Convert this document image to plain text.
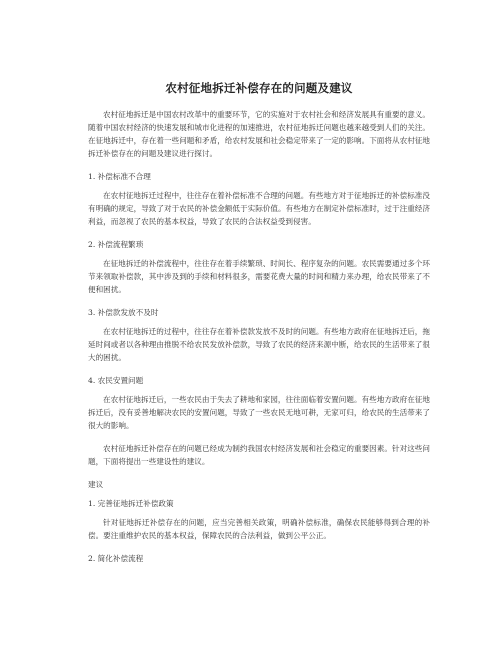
农村征地拆迁补偿存在的问题及建议

农村征地拆迁是中国农村改革中的重要环节，它的实施对于农村社会和经济发展具有重要的意义。随着中国农村经济的快速发展和城市化进程的加速推进，农村征地拆迁问题也越来越受到人们的关注。在征地拆迁中，存在着一些问题和矛盾，给农村发展和社会稳定带来了一定的影响。下面将从农村征地拆迁补偿存在的问题及建议进行探讨。

1. 补偿标准不合理

在农村征地拆迁过程中，往往存在着补偿标准不合理的问题。有些地方对于征地拆迁的补偿标准没有明确的规定，导致了对于农民的补偿金额低于实际价值。有些地方在制定补偿标准时，过于注重经济利益，而忽视了农民的基本权益，导致了农民的合法权益受到侵害。

2. 补偿流程繁琐

在征地拆迁的补偿流程中，往往存在着手续繁琐、时间长、程序复杂的问题。农民需要通过多个环节来领取补偿款，其中涉及到的手续和材料很多，需要花费大量的时间和精力来办理，给农民带来了不便和困扰。

3. 补偿款发放不及时

在农村征地拆迁的过程中，往往存在着补偿款发放不及时的问题。有些地方政府在征地拆迁后，拖延时间或者以各种理由推脱不给农民发放补偿款，导致了农民的经济来源中断，给农民的生活带来了很大的困扰。

4. 农民安置问题

在农村征地拆迁后，一些农民由于失去了耕地和家园，往往面临着安置问题。有些地方政府在征地拆迁后，没有妥善地解决农民的安置问题，导致了一些农民无地可耕，无家可归，给农民的生活带来了很大的影响。

农村征地拆迁补偿存在的问题已经成为制约我国农村经济发展和社会稳定的重要因素。针对这些问题，下面将提出一些建设性的建议。

建议
1. 完善征地拆迁补偿政策

针对征地拆迁补偿存在的问题，应当完善相关政策，明确补偿标准，确保农民能够得到合理的补偿。要注重维护农民的基本权益，保障农民的合法利益，做到公平公正。

2. 简化补偿流程
